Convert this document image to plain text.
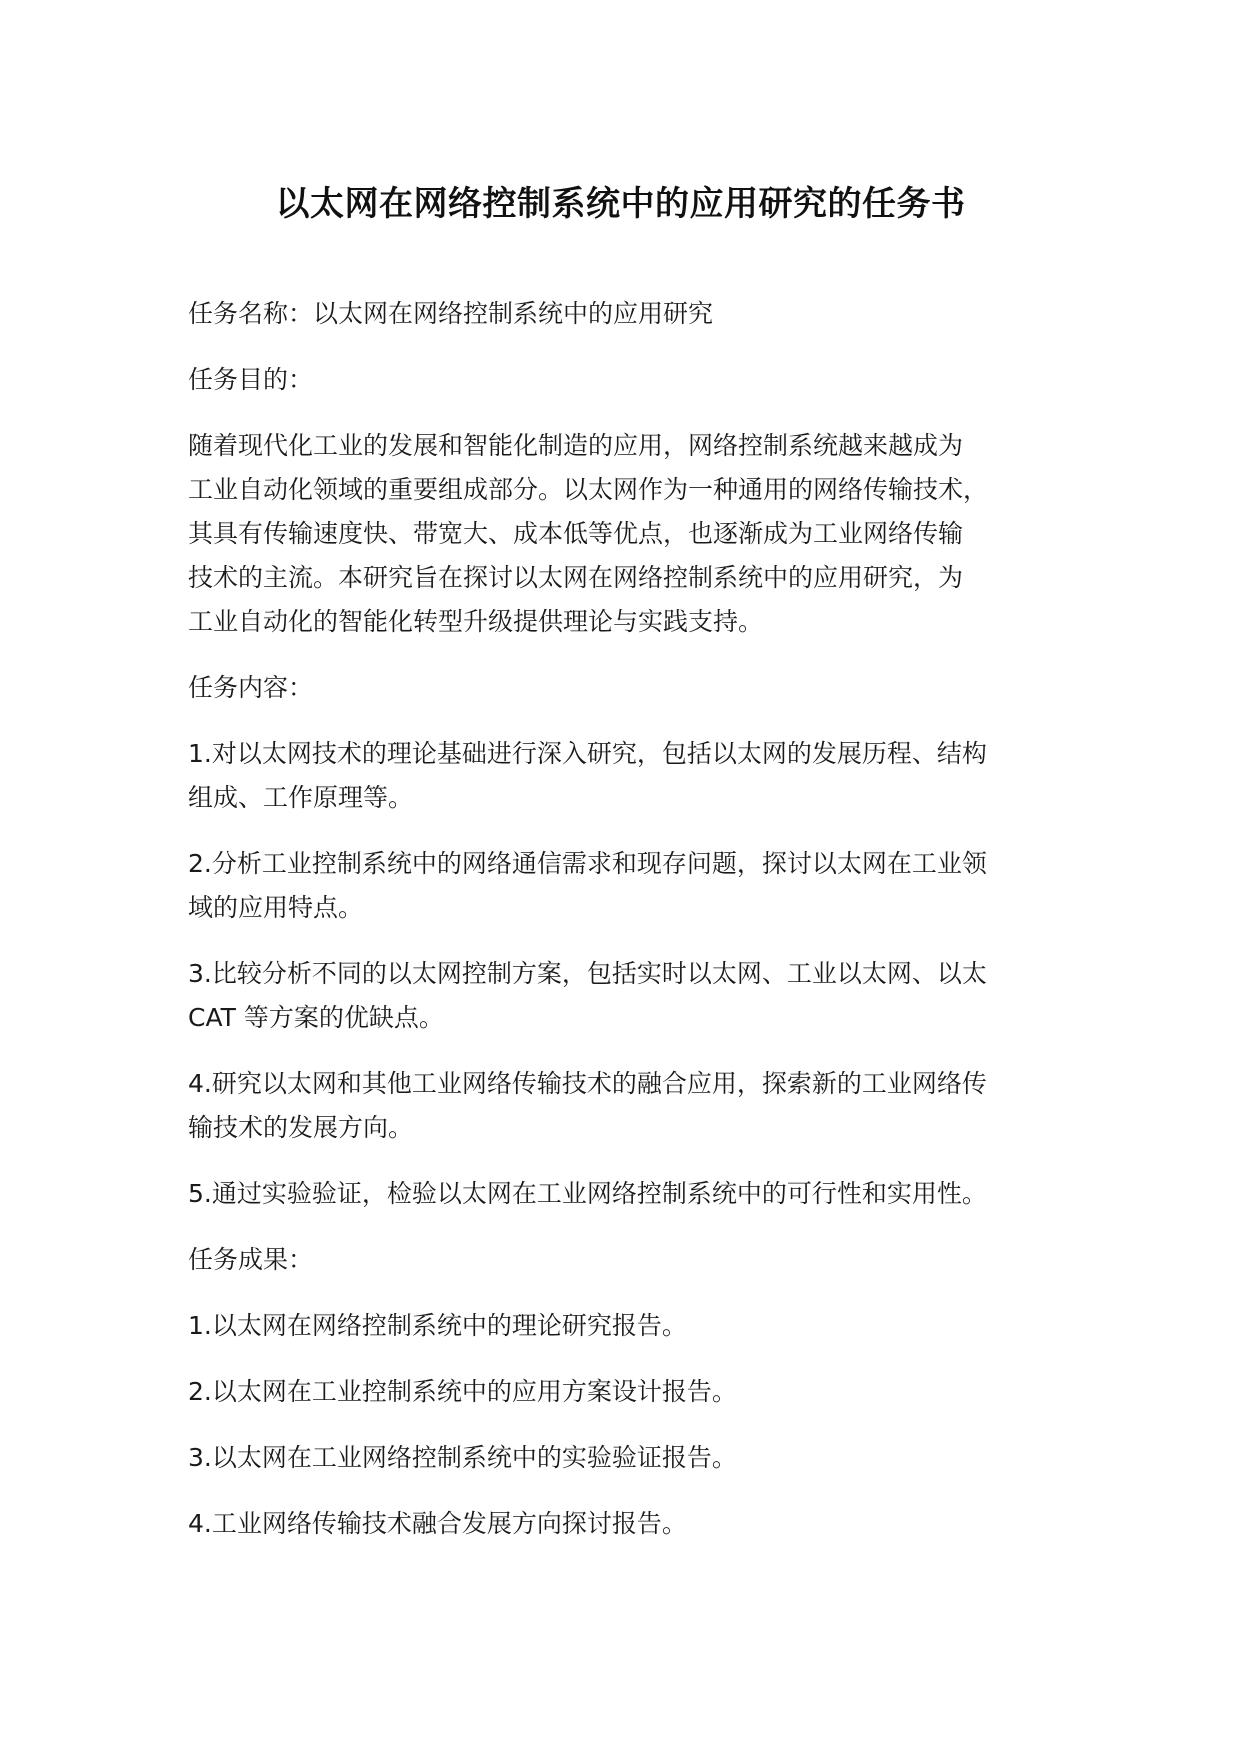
以太网在网络控制系统中的应用研究的任务书

任务名称：以太网在网络控制系统中的应用研究

任务目的：

随着现代化工业的发展和智能化制造的应用，网络控制系统越来越成为
工业自动化领域的重要组成部分。以太网作为一种通用的网络传输技术，
其具有传输速度快、带宽大、成本低等优点，也逐渐成为工业网络传输
技术的主流。本研究旨在探讨以太网在网络控制系统中的应用研究，为
工业自动化的智能化转型升级提供理论与实践支持。

任务内容：

1.对以太网技术的理论基础进行深入研究，包括以太网的发展历程、结构
组成、工作原理等。

2.分析工业控制系统中的网络通信需求和现存问题，探讨以太网在工业领
域的应用特点。

3.比较分析不同的以太网控制方案，包括实时以太网、工业以太网、以太
CAT 等方案的优缺点。

4.研究以太网和其他工业网络传输技术的融合应用，探索新的工业网络传
输技术的发展方向。

5.通过实验验证，检验以太网在工业网络控制系统中的可行性和实用性。

任务成果：

1.以太网在网络控制系统中的理论研究报告。

2.以太网在工业控制系统中的应用方案设计报告。

3.以太网在工业网络控制系统中的实验验证报告。

4.工业网络传输技术融合发展方向探讨报告。
